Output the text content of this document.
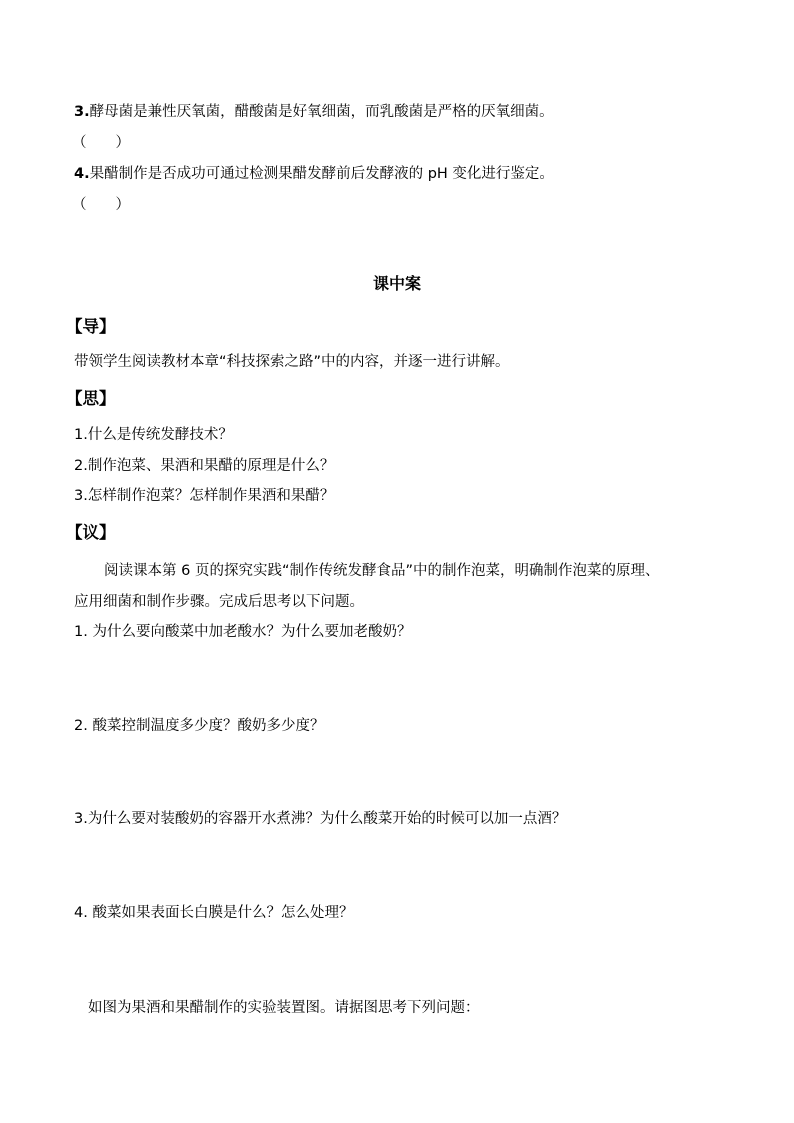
3.酵母菌是兼性厌氧菌，醋酸菌是好氧细菌，而乳酸菌是严格的厌氧细菌。
（　　）
4.果醋制作是否成功可通过检测果醋发酵前后发酵液的 pH 变化进行鉴定。
（　　）
课中案
【导】
带领学生阅读教材本章“科技探索之路”中的内容，并逐一进行讲解。
【思】
1.什么是传统发酵技术？
2.制作泡菜、果酒和果醋的原理是什么？
3.怎样制作泡菜？怎样制作果酒和果醋？
【议】
阅读课本第 6 页的探究实践“制作传统发酵食品”中的制作泡菜，明确制作泡菜的原理、
应用细菌和制作步骤。完成后思考以下问题。
1. 为什么要向酸菜中加老酸水？为什么要加老酸奶？
2. 酸菜控制温度多少度？酸奶多少度？
3.为什么要对装酸奶的容器开水煮沸？为什么酸菜开始的时候可以加一点酒？
4. 酸菜如果表面长白膜是什么？怎么处理？
如图为果酒和果醋制作的实验装置图。请据图思考下列问题：
